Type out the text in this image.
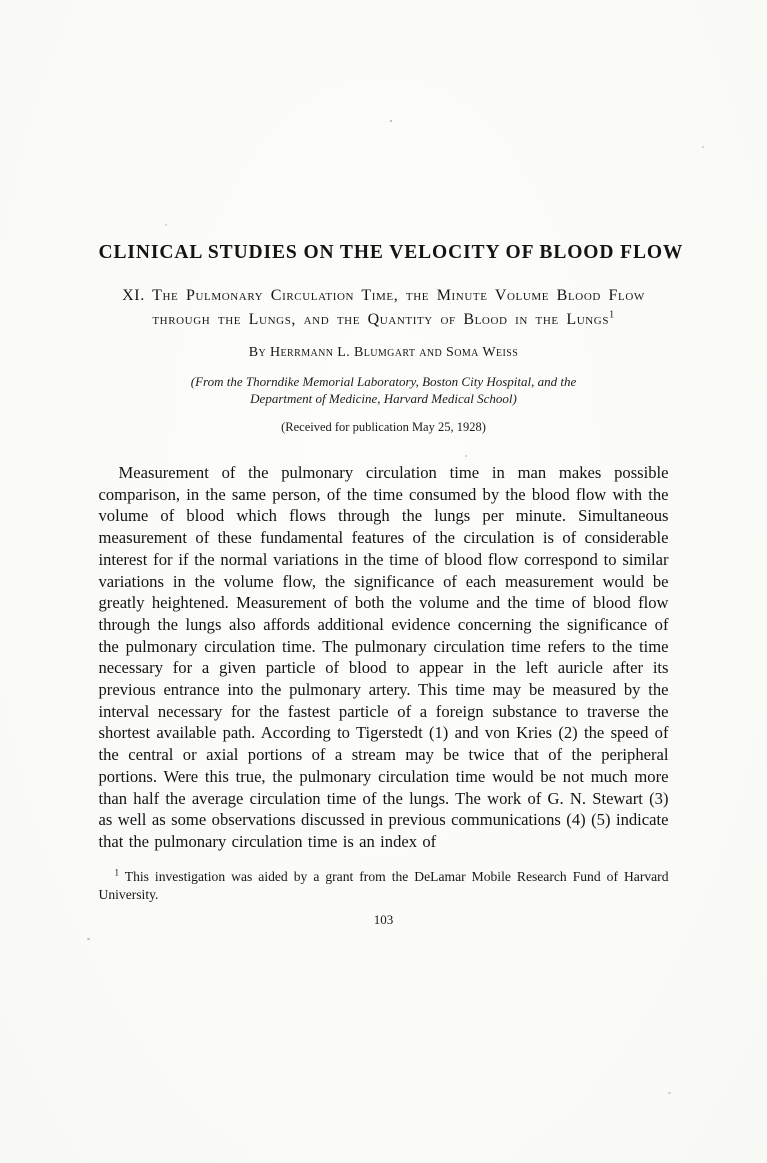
CLINICAL STUDIES ON THE VELOCITY OF BLOOD FLOW
XI. The Pulmonary Circulation Time, the Minute Volume Blood Flow through the Lungs, and the Quantity of Blood in the Lungs$^1$
By Herrmann L. Blumgart and Soma Weiss
(From the Thorndike Memorial Laboratory, Boston City Hospital, and the Department of Medicine, Harvard Medical School)
(Received for publication May 25, 1928)

Measurement of the pulmonary circulation time in man makes possible comparison, in the same person, of the time consumed by the blood flow with the volume of blood which flows through the lungs per minute. Simultaneous measurement of these fundamental features of the circulation is of considerable interest for if the normal variations in the time of blood flow correspond to similar variations in the volume flow, the significance of each measurement would be greatly heightened. Measurement of both the volume and the time of blood flow through the lungs also affords additional evidence concerning the significance of the pulmonary circulation time. The pulmonary circulation time refers to the time necessary for a given particle of blood to appear in the left auricle after its previous entrance into the pulmonary artery. This time may be measured by the interval necessary for the fastest particle of a foreign substance to traverse the shortest available path. According to Tigerstedt (1) and von Kries (2) the speed of the central or axial portions of a stream may be twice that of the peripheral portions. Were this true, the pulmonary circulation time would be not much more than half the average circulation time of the lungs. The work of G. N. Stewart (3) as well as some observations discussed in previous communications (4) (5) indicate that the pulmonary circulation time is an index of

$^1$ This investigation was aided by a grant from the DeLamar Mobile Research Fund of Harvard University.
103
